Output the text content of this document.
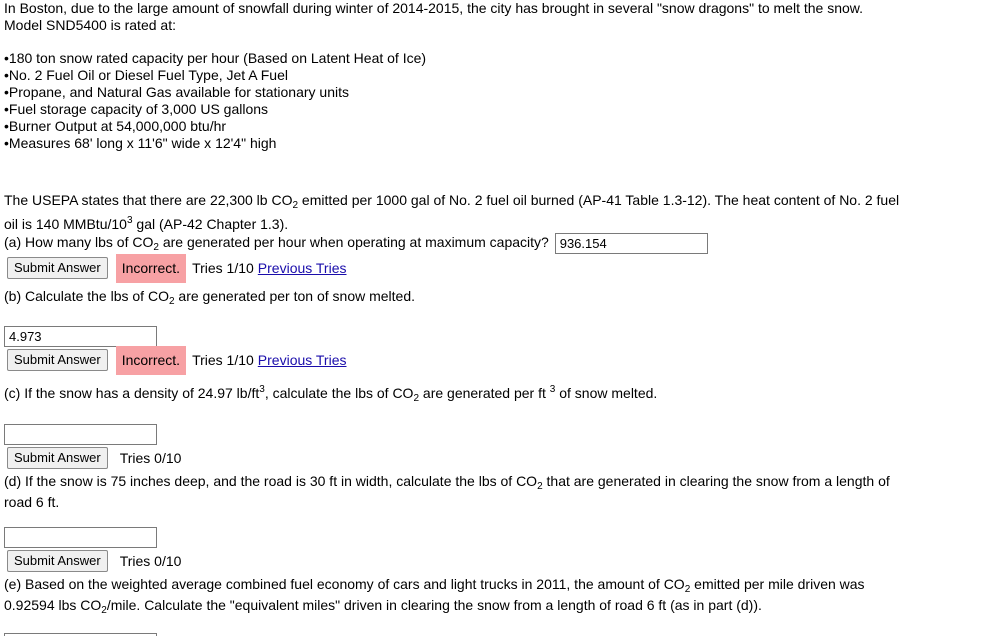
In Boston, due to the large amount of snowfall during winter of 2014-2015, the city has brought in several "snow dragons" to melt the snow.
Model SND5400 is rated at:
•180 ton snow rated capacity per hour (Based on Latent Heat of Ice)
•No. 2 Fuel Oil or Diesel Fuel Type, Jet A Fuel
•Propane, and Natural Gas available for stationary units
•Fuel storage capacity of 3,000 US gallons
•Burner Output at 54,000,000 btu/hr
•Measures 68' long x 11'6" wide x 12'4" high
The USEPA states that there are 22,300 lb $CO_2$ emitted per 1000 gal of No. 2 fuel oil burned (AP-41 Table 1.3-12). The heat content of No. 2 fuel
oil is 140 MMBtu/$10^3$ gal (AP-42 Chapter 1.3).
(a) How many lbs of $CO_2$ are generated per hour when operating at maximum capacity? 936.154
Submit Answer	Incorrect. Tries 1/10 Previous Tries
(b) Calculate the lbs of $CO_2$ are generated per ton of snow melted.
4.973
Submit Answer	Incorrect. Tries 1/10 Previous Tries
(c) If the snow has a density of 24.97 $lb/ft^3$, calculate the lbs of $CO_2$ are generated per ft $^3$ of snow melted.
Submit Answer	Tries 0/10
(d) If the snow is 75 inches deep, and the road is 30 ft in width, calculate the lbs of $CO_2$ that are generated in clearing the snow from a length of
road 6 ft.
Submit Answer	Tries 0/10
(e) Based on the weighted average combined fuel economy of cars and light trucks in 2011, the amount of $CO_2$ emitted per mile driven was
0.92594 lbs $CO_2$/mile. Calculate the "equivalent miles" driven in clearing the snow from a length of road 6 ft (as in part (d)).
